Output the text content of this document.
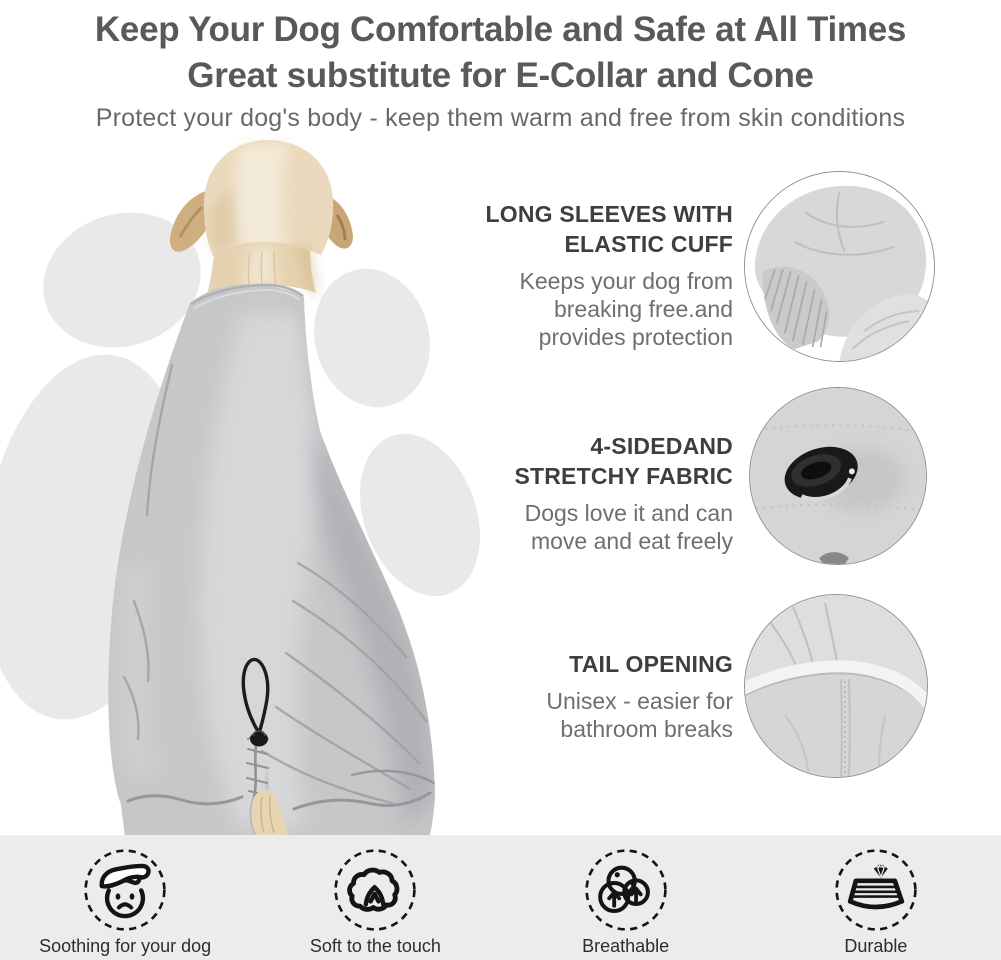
Keep Your Dog Comfortable and Safe at All Times
Great substitute for E-Collar and Cone
Protect your dog's body - keep them warm and free from skin conditions
LONG SLEEVES WITH
ELASTIC CUFF
Keeps your dog from
breaking free.and
provides protection
4-SIDEDAND
STRETCHY FABRIC
Dogs love it and can
move and eat freely
TAIL OPENING
Unisex - easier for
bathroom breaks
Soothing for your dog	Soft to the touch	Breathable	Durable
